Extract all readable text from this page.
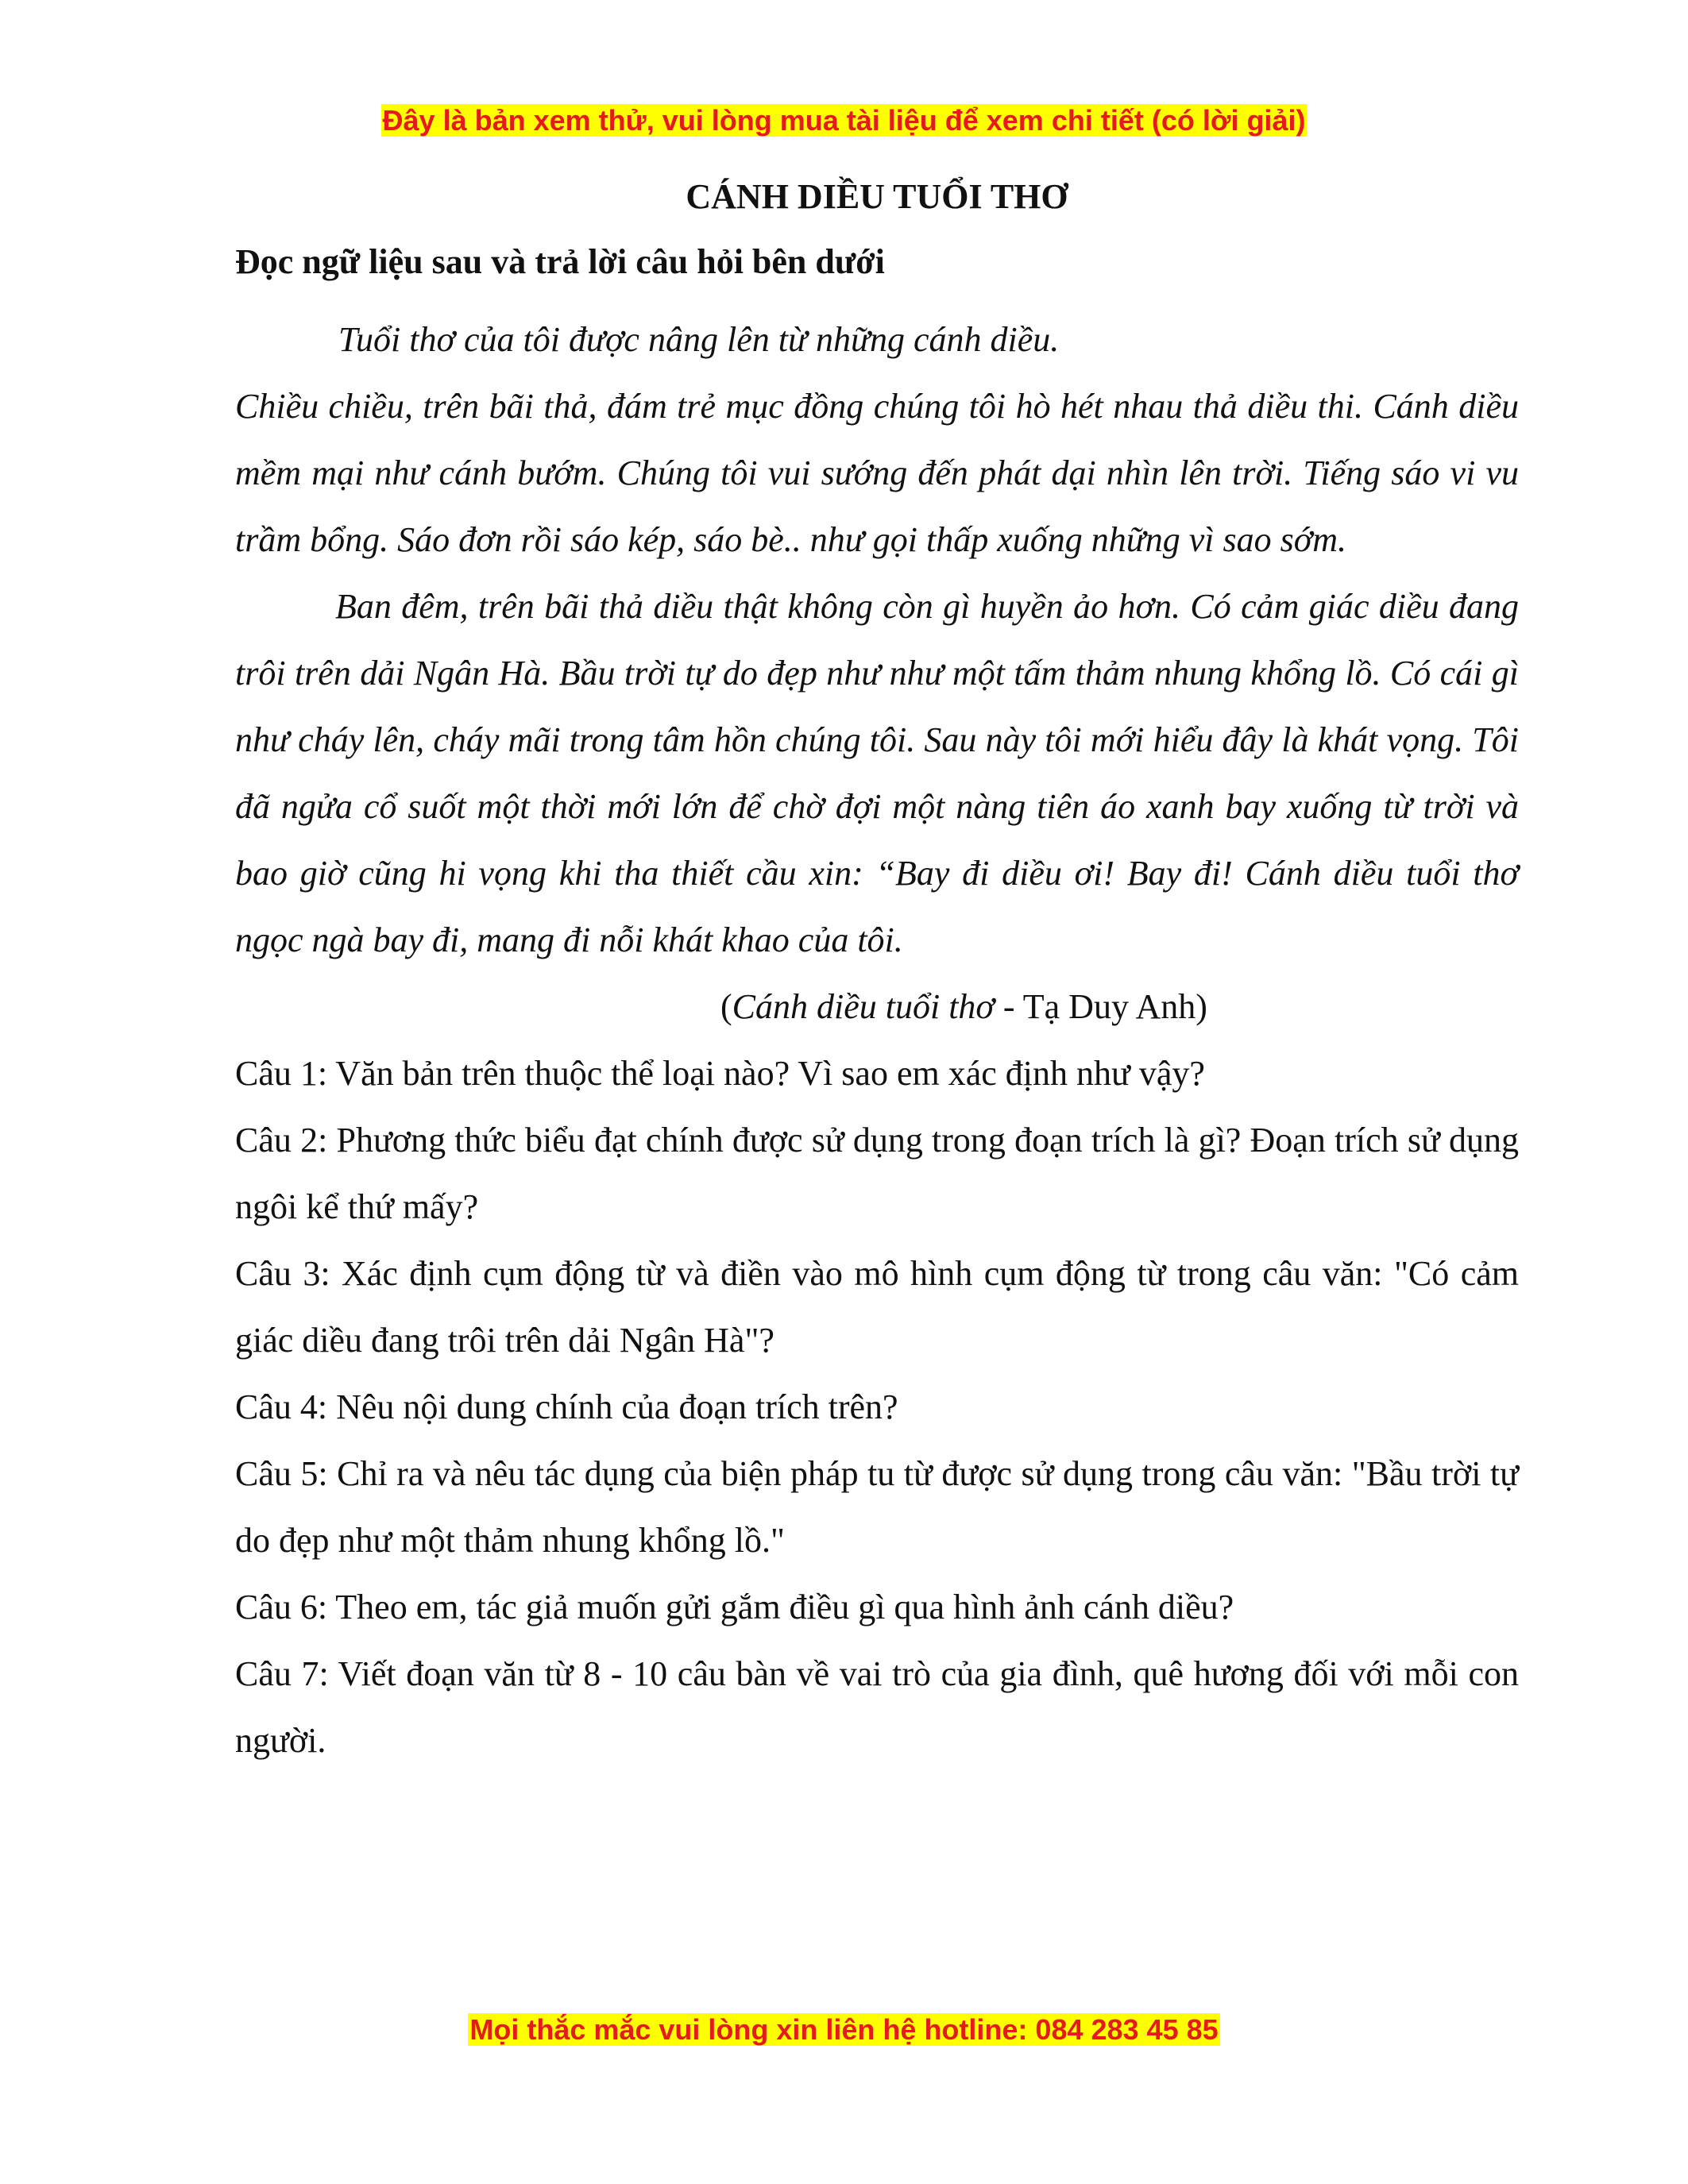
Đây là bản xem thử, vui lòng mua tài liệu để xem chi tiết (có lời giải)
CÁNH DIỀU TUỔI THƠ
Đọc ngữ liệu sau và trả lời câu hỏi bên dưới

Tuổi thơ của tôi được nâng lên từ những cánh diều.

Chiều chiều, trên bãi thả, đám trẻ mục đồng chúng tôi hò hét nhau thả diều thi. Cánh diều mềm mại như cánh bướm. Chúng tôi vui sướng đến phát dại nhìn lên trời. Tiếng sáo vi vu trầm bổng. Sáo đơn rồi sáo kép, sáo bè.. như gọi thấp xuống những vì sao sớm.

Ban đêm, trên bãi thả diều thật không còn gì huyền ảo hơn. Có cảm giác diều đang trôi trên dải Ngân Hà. Bầu trời tự do đẹp như như một tấm thảm nhung khổng lồ. Có cái gì như cháy lên, cháy mãi trong tâm hồn chúng tôi. Sau này tôi mới hiểu đây là khát vọng. Tôi đã ngửa cổ suốt một thời mới lớn để chờ đợi một nàng tiên áo xanh bay xuống từ trời và bao giờ cũng hi vọng khi tha thiết cầu xin: “Bay đi diều ơi! Bay đi! Cánh diều tuổi thơ ngọc ngà bay đi, mang đi nỗi khát khao của tôi.

(Cánh diều tuổi thơ - Tạ Duy Anh)

Câu 1: Văn bản trên thuộc thể loại nào? Vì sao em xác định như vậy?

Câu 2: Phương thức biểu đạt chính được sử dụng trong đoạn trích là gì? Đoạn trích sử dụng ngôi kể thứ mấy?

Câu 3: Xác định cụm động từ và điền vào mô hình cụm động từ trong câu văn: "Có cảm giác diều đang trôi trên dải Ngân Hà"?

Câu 4: Nêu nội dung chính của đoạn trích trên?

Câu 5: Chỉ ra và nêu tác dụng của biện pháp tu từ được sử dụng trong câu văn: "Bầu trời tự do đẹp như một thảm nhung khổng lồ."

Câu 6: Theo em, tác giả muốn gửi gắm điều gì qua hình ảnh cánh diều?

Câu 7: Viết đoạn văn từ 8 - 10 câu bàn về vai trò của gia đình, quê hương đối với mỗi con người.

Mọi thắc mắc vui lòng xin liên hệ hotline: 084 283 45 85
